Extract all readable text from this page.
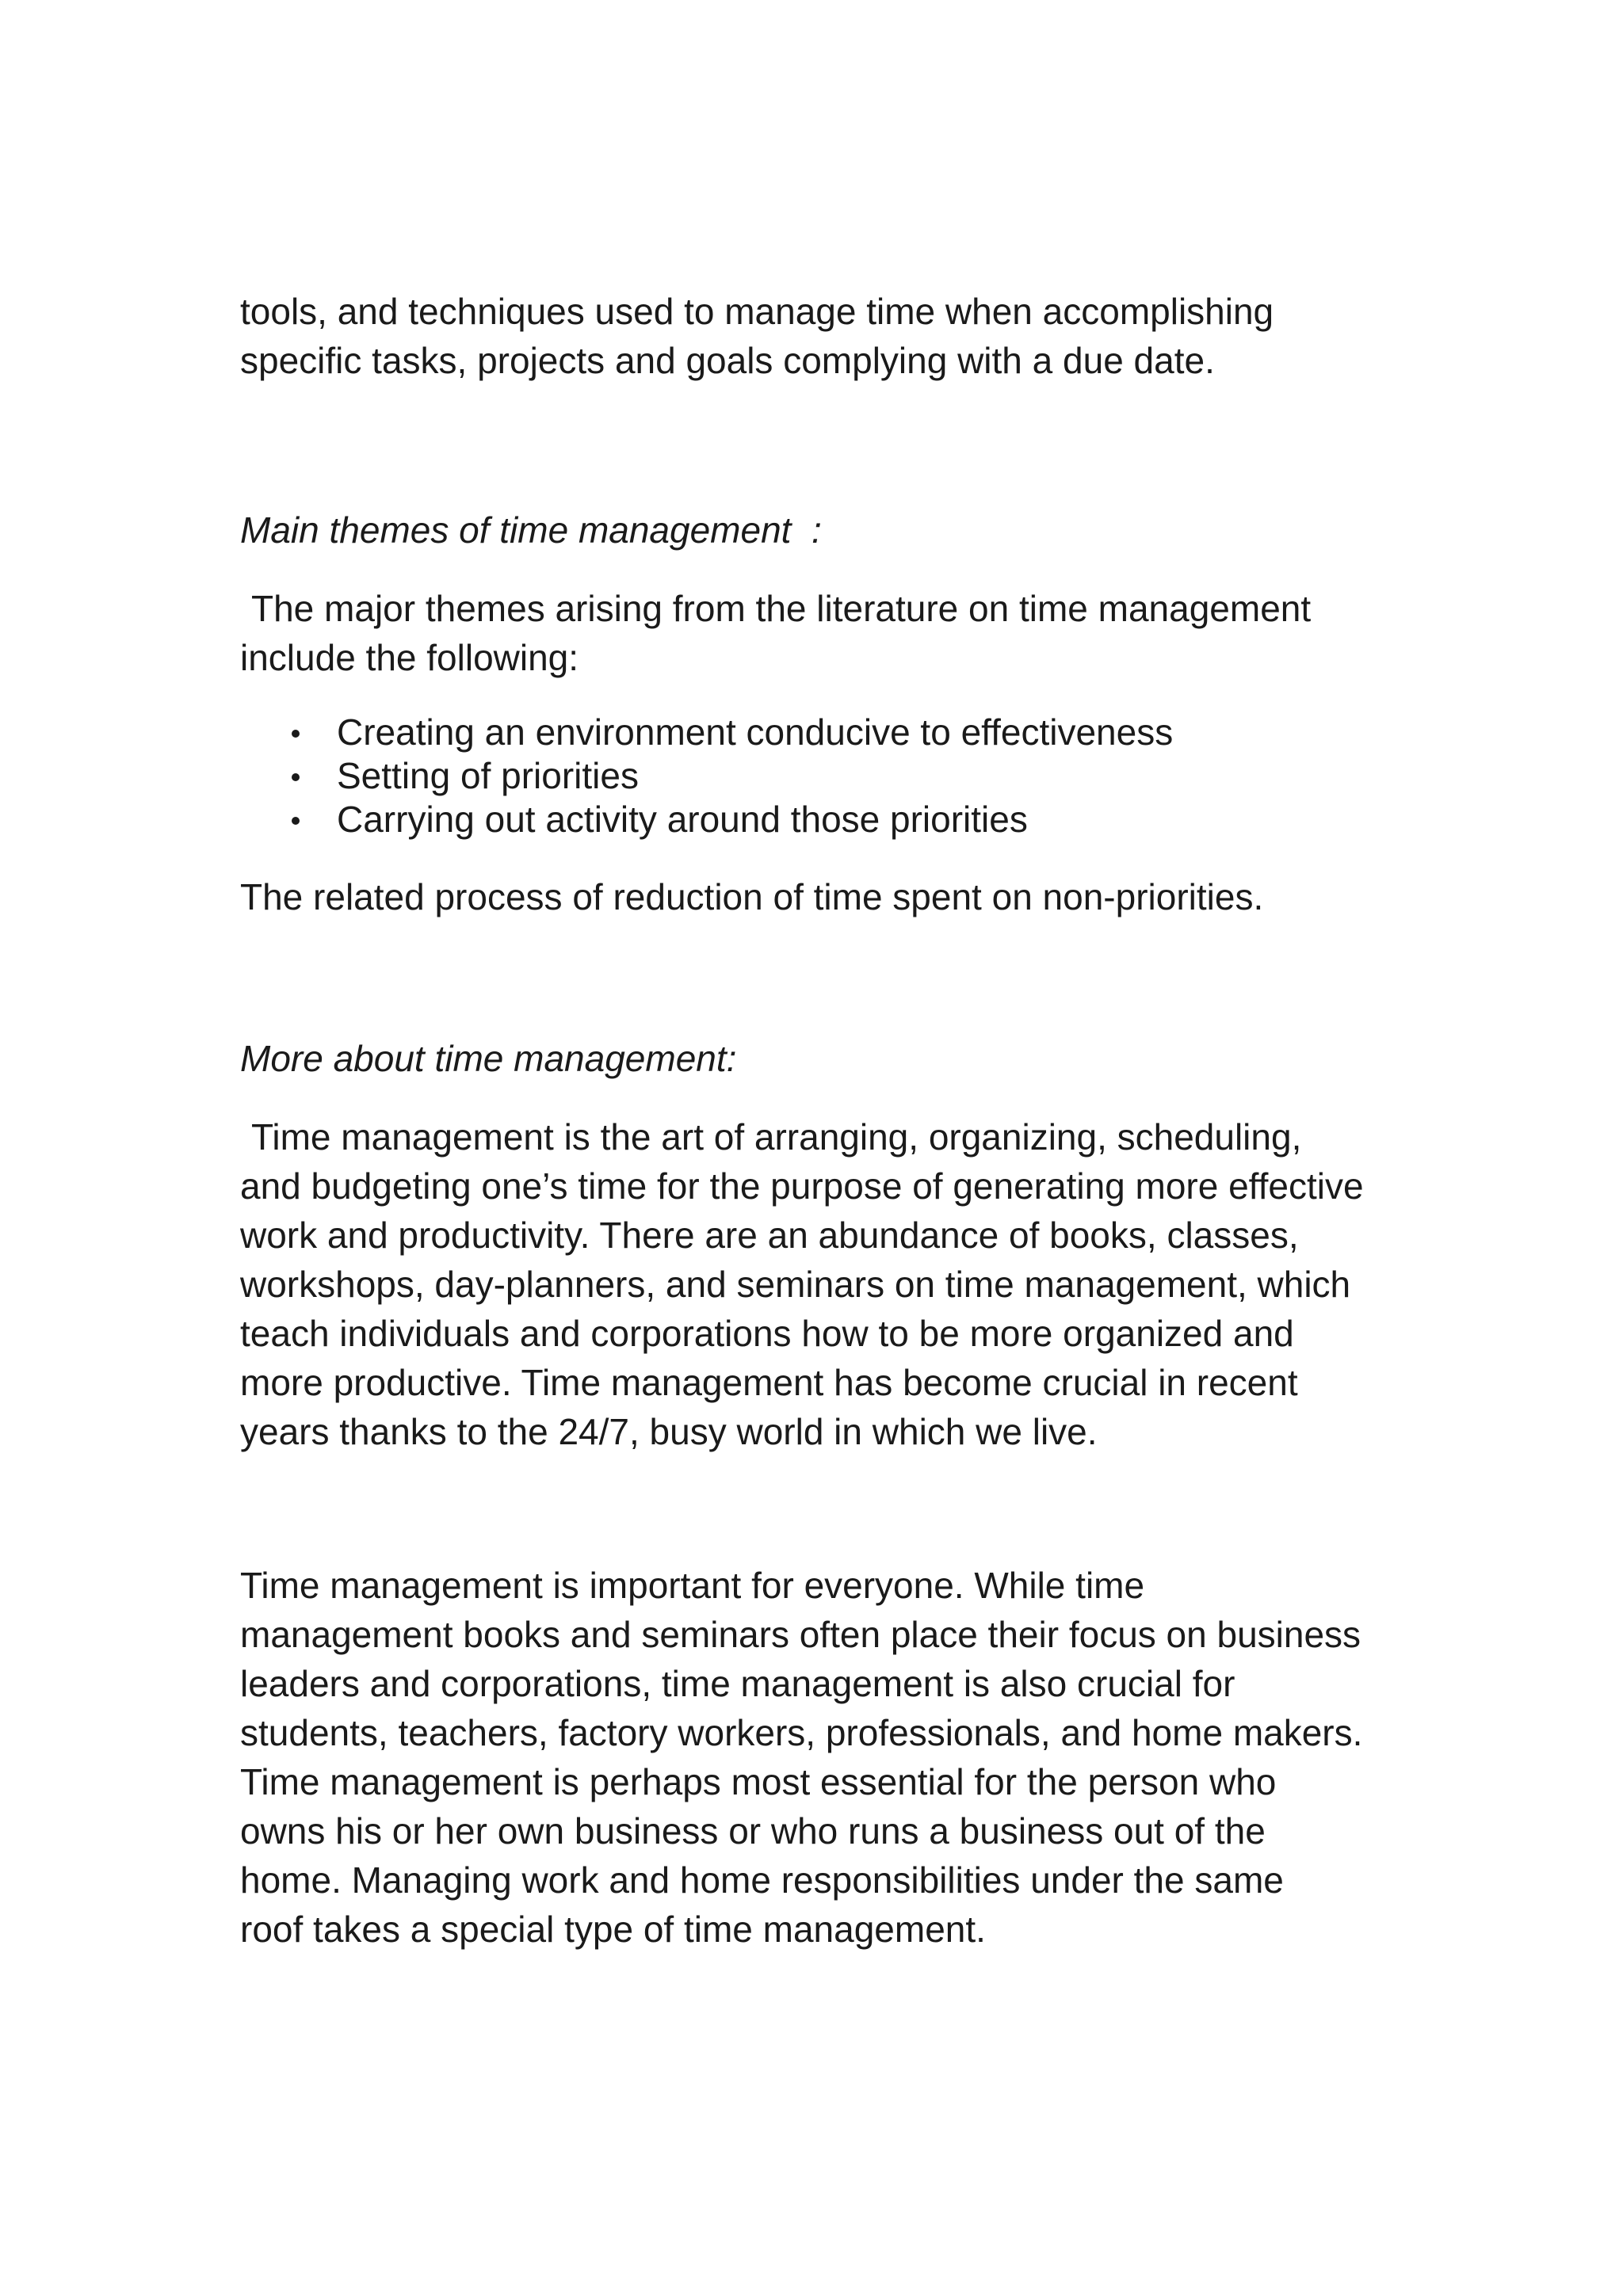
tools, and techniques used to manage time when accomplishing
specific tasks, projects and goals complying with a due date.
Main themes of time management  :
The major themes arising from the literature on time management
include the following:
Creating an environment conducive to effectiveness
Setting of priorities
Carrying out activity around those priorities
The related process of reduction of time spent on non-priorities.
More about time management:
Time management is the art of arranging, organizing, scheduling,
and budgeting one’s time for the purpose of generating more effective
work and productivity. There are an abundance of books, classes,
workshops, day-planners, and seminars on time management, which
teach individuals and corporations how to be more organized and
more productive. Time management has become crucial in recent
years thanks to the 24/7, busy world in which we live.
Time management is important for everyone. While time
management books and seminars often place their focus on business
leaders and corporations, time management is also crucial for
students, teachers, factory workers, professionals, and home makers.
Time management is perhaps most essential for the person who
owns his or her own business or who runs a business out of the
home. Managing work and home responsibilities under the same
roof takes a special type of time management.
